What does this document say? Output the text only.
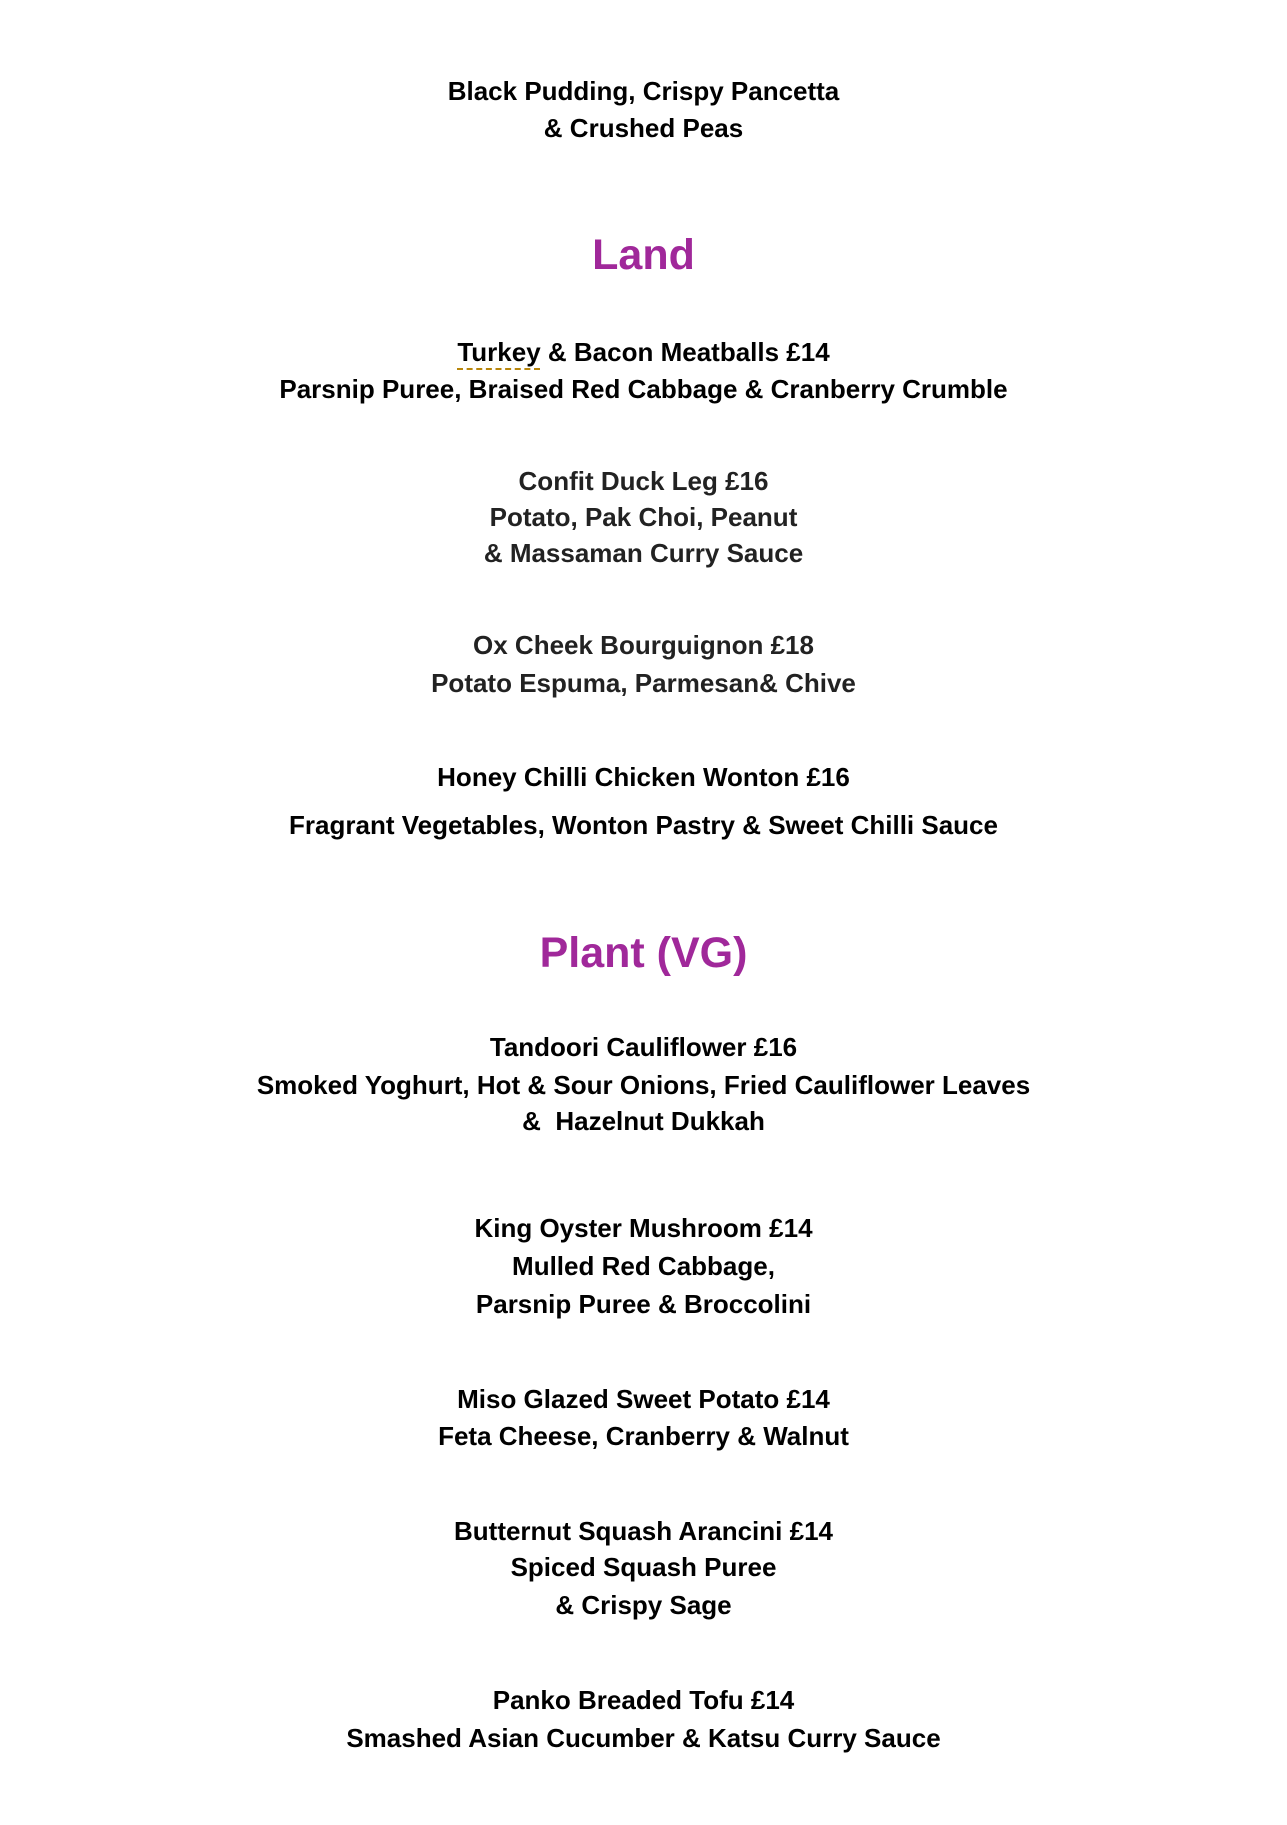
Black Pudding, Crispy Pancetta
& Crushed Peas
Land
Turkey & Bacon Meatballs £14
Parsnip Puree, Braised Red Cabbage & Cranberry Crumble
Confit Duck Leg £16
Potato, Pak Choi, Peanut
& Massaman Curry Sauce
Ox Cheek Bourguignon £18
Potato Espuma, Parmesan& Chive
Honey Chilli Chicken Wonton £16
Fragrant Vegetables, Wonton Pastry & Sweet Chilli Sauce
Plant (VG)
Tandoori Cauliflower £16
Smoked Yoghurt, Hot & Sour Onions, Fried Cauliflower Leaves
&  Hazelnut Dukkah
King Oyster Mushroom £14
Mulled Red Cabbage,
Parsnip Puree & Broccolini
Miso Glazed Sweet Potato £14
Feta Cheese, Cranberry & Walnut
Butternut Squash Arancini £14
Spiced Squash Puree
& Crispy Sage
Panko Breaded Tofu £14
Smashed Asian Cucumber & Katsu Curry Sauce
